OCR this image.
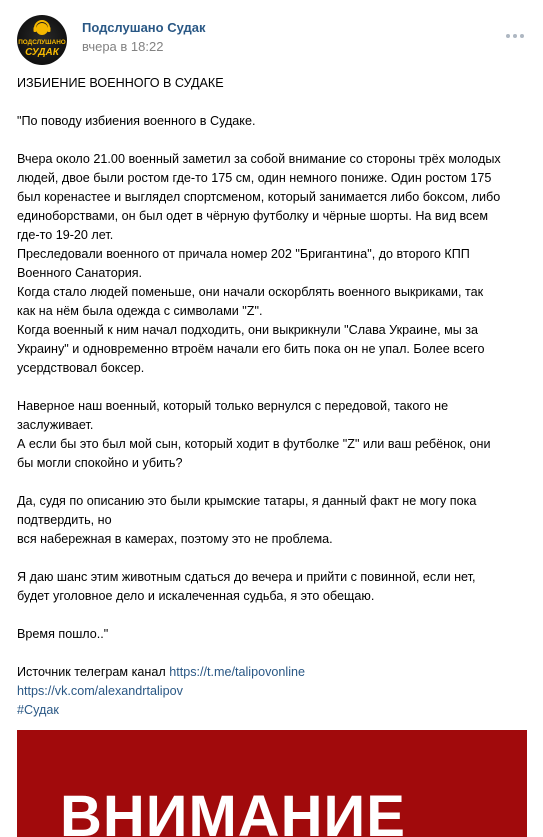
ПОДСЛУШАНО
СУДАК
Подслушано Судак
вчера в 18:22
ИЗБИЕНИЕ ВОЕННОГО В СУДАКЕ
"По поводу избиения военного в Судаке.
Вчера около 21.00 военный заметил за собой внимание со стороны трёх молодых
людей, двое были ростом где-то 175 см, один немного пониже. Один ростом 175
был коренастее и выглядел спортсменом, который занимается либо боксом, либо
единоборствами, он был одет в чёрную футболку и чёрные шорты. На вид всем
где-то 19-20 лет.
Преследовали военного от причала номер 202 "Бригантина", до второго КПП
Военного Санатория.
Когда стало людей поменьше, они начали оскорблять военного выкриками, так
как на нём была одежда с символами "Z".
Когда военный к ним начал подходить, они выкрикнули "Слава Украине, мы за
Украину" и одновременно втроём начали его бить пока он не упал. Более всего
усердствовал боксер.
Наверное наш военный, который только вернулся с передовой, такого не
заслуживает.
А если бы это был мой сын, который ходит в футболке "Z" или ваш ребёнок, они
бы могли спокойно и убить?
Да, судя по описанию это были крымские татары, я данный факт не могу пока
подтвердить, но
вся набережная в камерах, поэтому это не проблема.
Я даю шанс этим животным сдаться до вечера и прийти с повинной, если нет,
будет уголовное дело и искалеченная судьба, я это обещаю.
Время пошло.."
Источник телеграм канал https://t.me/talipovonline
https://vk.com/alexandrtalipov
#Судак
ВНИМАНИЕ
